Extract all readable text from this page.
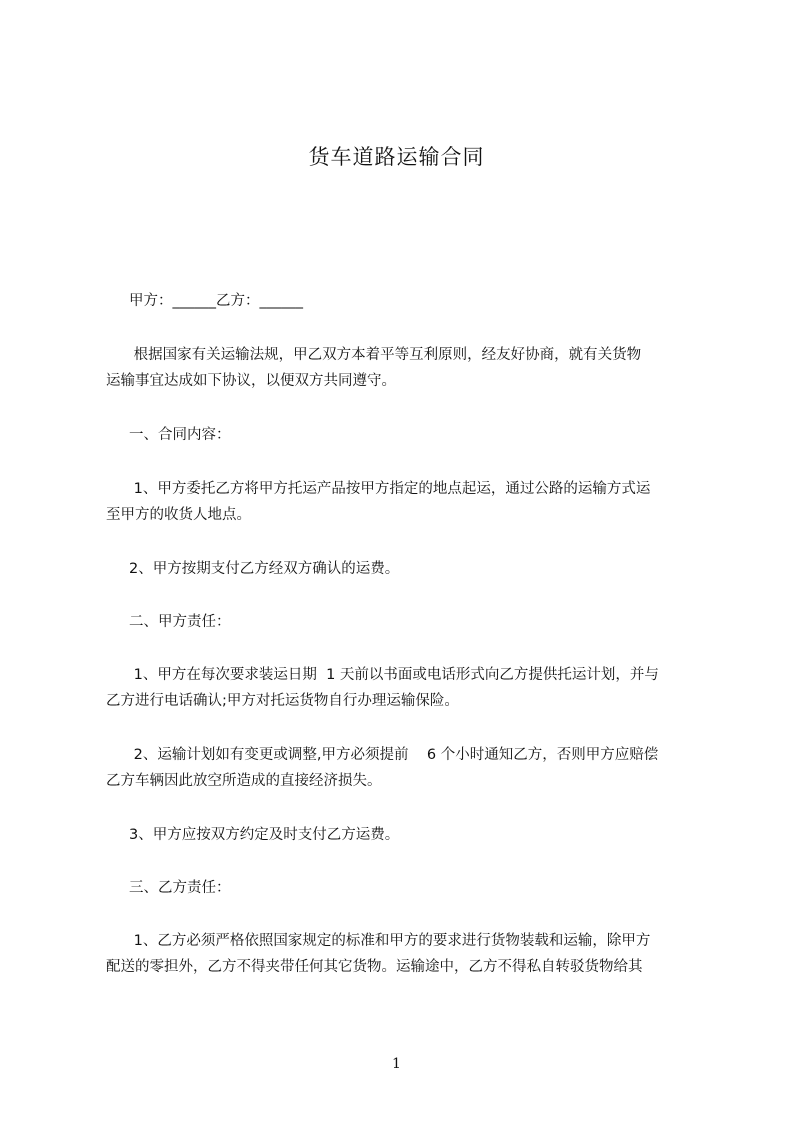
货车道路运输合同
甲方：______乙方：______
根据国家有关运输法规，甲乙双方本着平等互利原则，经友好协商，就有关货物
运输事宜达成如下协议，以便双方共同遵守。
一、合同内容：
1、甲方委托乙方将甲方托运产品按甲方指定的地点起运，通过公路的运输方式运
至甲方的收货人地点。
2、甲方按期支付乙方经双方确认的运费。
二、甲方责任：
1、甲方在每次要求装运日期  1 天前以书面或电话形式向乙方提供托运计划，并与
乙方进行电话确认;甲方对托运货物自行办理运输保险。
2、运输计划如有变更或调整,甲方必须提前    6 个小时通知乙方，否则甲方应赔偿
乙方车辆因此放空所造成的直接经济损失。
3、甲方应按双方约定及时支付乙方运费。
三、乙方责任：
1、乙方必须严格依照国家规定的标准和甲方的要求进行货物装载和运输，除甲方
配送的零担外，乙方不得夹带任何其它货物。运输途中，乙方不得私自转驳货物给其
1
